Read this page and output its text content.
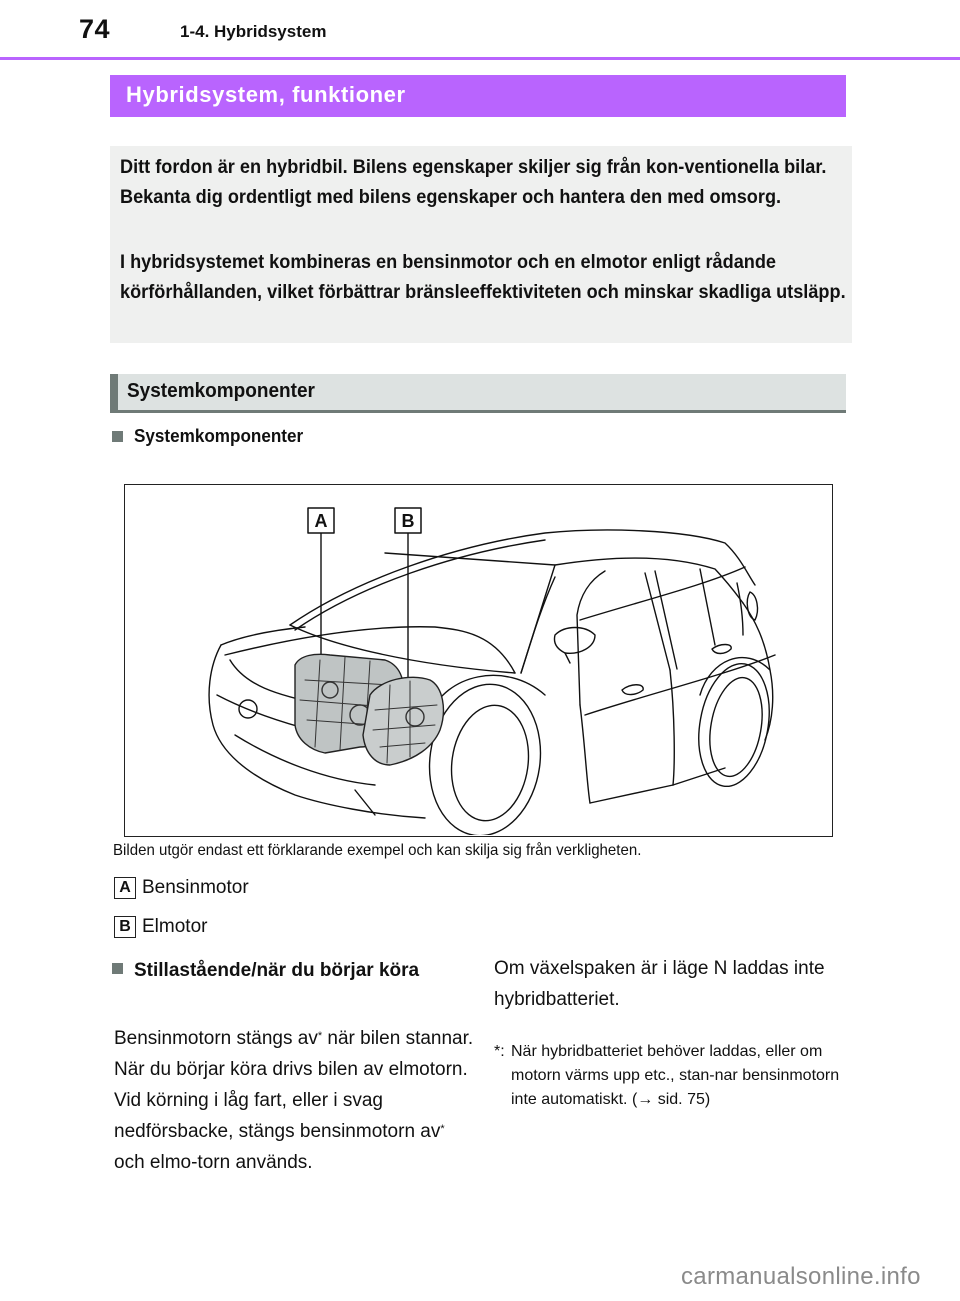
74	1-4. Hybridsystem
Hybridsystem, funktioner
Ditt fordon är en hybridbil. Bilens egenskaper skiljer sig från kon-ventionella bilar. Bekanta dig ordentligt med bilens egenskaper och hantera den med omsorg.
I hybridsystemet kombineras en bensinmotor och en elmotor enligt rådande körförhållanden, vilket förbättrar bränsleeffektiviteten och minskar skadliga utsläpp.
Systemkomponenter
Systemkomponenter
A	B
Bilden utgör endast ett förklarande exempel och kan skilja sig från verkligheten.
A Bensinmotor
B Elmotor
Stillastående/när du börjar köra
Bensinmotorn stängs av* när bilen stannar. När du börjar köra drivs bilen av elmotorn. Vid körning i låg fart, eller i svag nedförsbacke, stängs bensinmotorn av* och elmo-torn används.
Om växelspaken är i läge N laddas inte hybridbatteriet.
*: När hybridbatteriet behöver laddas, eller om motorn värms upp etc., stan-nar bensinmotorn inte automatiskt. (→ sid. 75)
carmanualsonline.info
